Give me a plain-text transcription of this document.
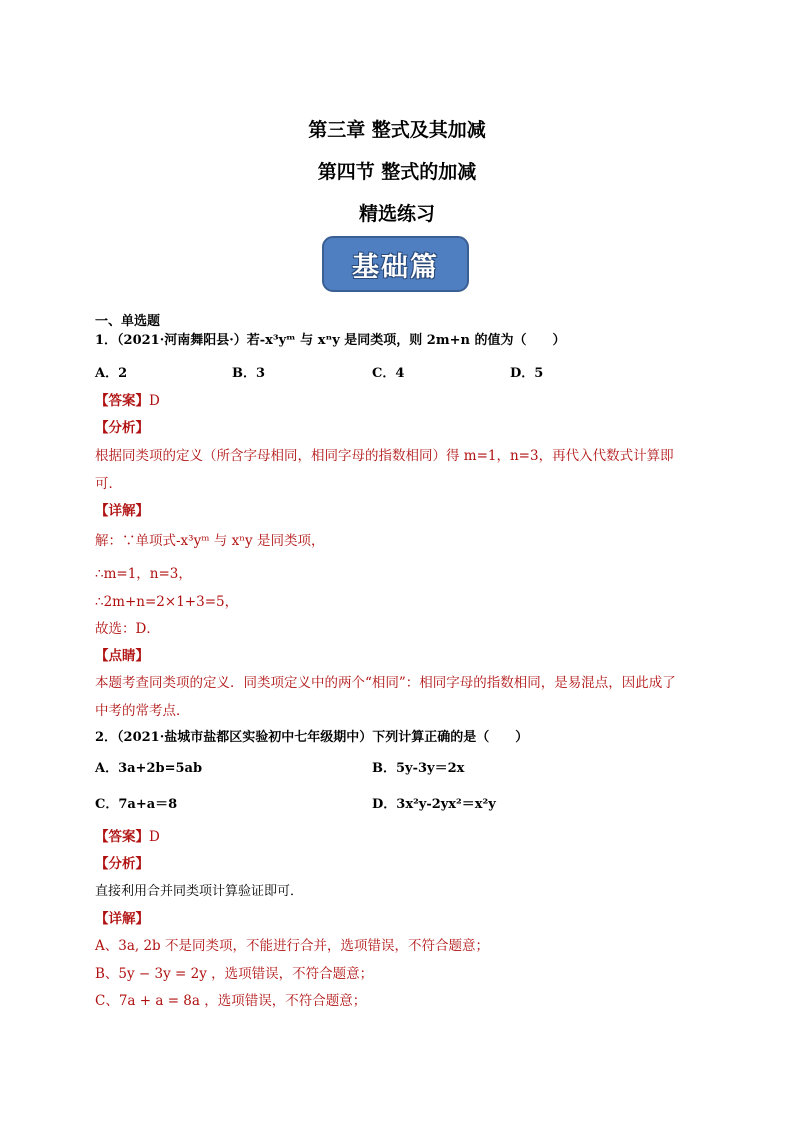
第三章 整式及其加减
第四节 整式的加减
精选练习
基础篇
一、单选题
1．（2021·河南舞阳县·）若-x³yᵐ 与 xⁿy 是同类项，则 2m+n 的值为（　　）
A．2	B．3	C．4	D．5
【答案】D
【分析】
根据同类项的定义（所含字母相同，相同字母的指数相同）得 m=1，n=3，再代入代数式计算即
可．
【详解】
解：∵单项式-x³yᵐ 与 xⁿy 是同类项，
∴m=1，n=3，
∴2m+n=2×1+3=5，
故选：D．
【点睛】
本题考查同类项的定义．同类项定义中的两个“相同”：相同字母的指数相同，是易混点，因此成了
中考的常考点．
2．（2021·盐城市盐都区实验初中七年级期中）下列计算正确的是（　　）
A．3a+2b=5ab	B．5y-3y＝2x
C．7a+a＝8	D．3x²y-2yx²＝x²y
【答案】D
【分析】
直接利用合并同类项计算验证即可．
【详解】
A、3a, 2b 不是同类项，不能进行合并，选项错误，不符合题意；
B、5y − 3y = 2y ，选项错误，不符合题意；
C、7a + a = 8a ，选项错误，不符合题意；
